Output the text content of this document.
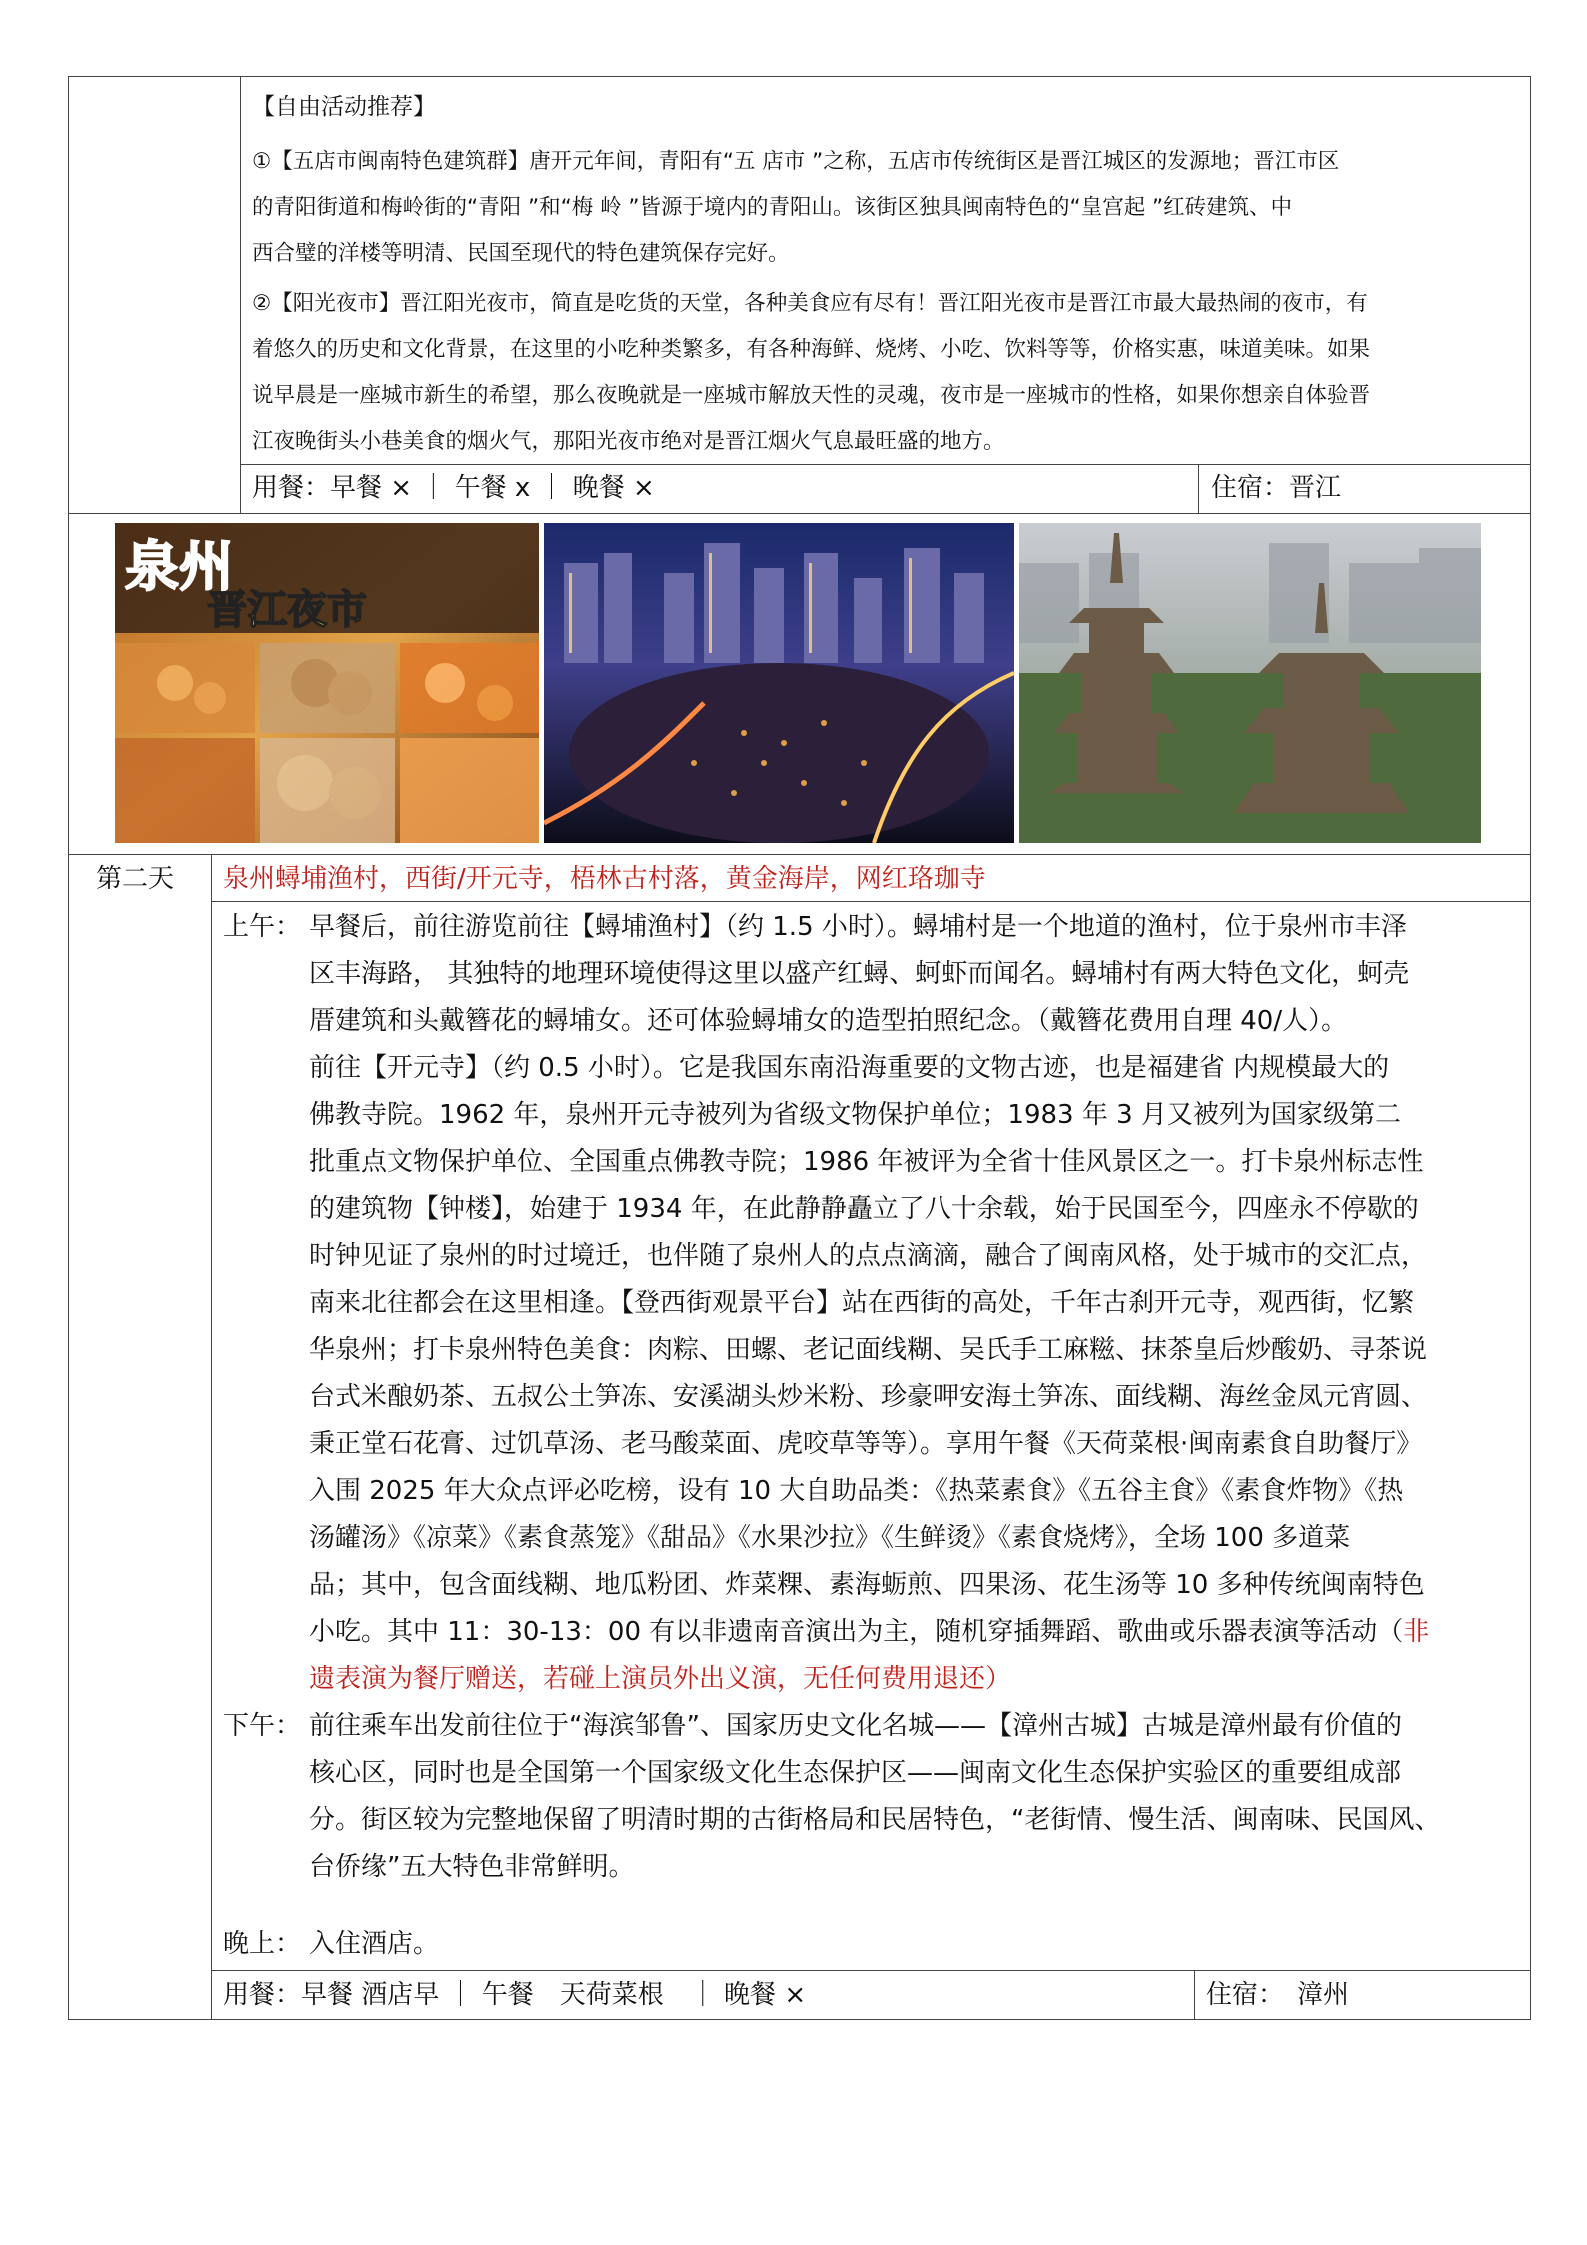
【自由活动推荐】
①【五店市闽南特色建筑群】唐开元年间，青阳有“五 店市 ”之称，五店市传统街区是晋江城区的发源地；晋江市区
的青阳街道和梅岭街的“青阳 ”和“梅 岭 ”皆源于境内的青阳山。该街区独具闽南特色的“皇宫起 ”红砖建筑、中
西合璧的洋楼等明清、民国至现代的特色建筑保存完好。
②【阳光夜市】晋江阳光夜市，简直是吃货的天堂，各种美食应有尽有！晋江阳光夜市是晋江市最大最热闹的夜市，有
着悠久的历史和文化背景，在这里的小吃种类繁多，有各种海鲜、烧烤、小吃、饮料等等，价格实惠，味道美味。如果
说早晨是一座城市新生的希望，那么夜晚就是一座城市解放天性的灵魂，夜市是一座城市的性格，如果你想亲自体验晋
江夜晚街头小巷美食的烟火气，那阳光夜市绝对是晋江烟火气息最旺盛的地方。
用餐：早餐 × ｜ 午餐 x ｜ 晚餐 ×	住宿：晋江
泉州
晋江夜市
第二天 泉州蟳埔渔村，西街/开元寺，梧林古村落，黄金海岸，网红珞珈寺
上午： 早餐后，前往游览前往【蟳埔渔村】（约 1.5 小时）。蟳埔村是一个地道的渔村，位于泉州市丰泽
区丰海路， 其独特的地理环境使得这里以盛产红蟳、蚵虾而闻名。蟳埔村有两大特色文化，蚵壳
厝建筑和头戴簪花的蟳埔女。还可体验蟳埔女的造型拍照纪念。（戴簪花费用自理 40/人）。
前往【开元寺】（约 0.5 小时）。它是我国东南沿海重要的文物古迹，也是福建省 内规模最大的
佛教寺院。1962 年，泉州开元寺被列为省级文物保护单位；1983 年 3 月又被列为国家级第二
批重点文物保护单位、全国重点佛教寺院；1986 年被评为全省十佳风景区之一。打卡泉州标志性
的建筑物【钟楼】，始建于 1934 年，在此静静矗立了八十余载，始于民国至今，四座永不停歇的
时钟见证了泉州的时过境迁，也伴随了泉州人的点点滴滴，融合了闽南风格，处于城市的交汇点，
南来北往都会在这里相逢。【登西街观景平台】站在西街的高处，千年古刹开元寺，观西街，忆繁
华泉州；打卡泉州特色美食：肉粽、田螺、老记面线糊、吴氏手工麻糍、抹茶皇后炒酸奶、寻茶说
台式米酿奶茶、五叔公土笋冻、安溪湖头炒米粉、珍豪呷安海土笋冻、面线糊、海丝金凤元宵圆、
秉正堂石花膏、过饥草汤、老马酸菜面、虎咬草等等）。享用午餐《天荷菜根·闽南素食自助餐厅》
入围 2025 年大众点评必吃榜，设有 10 大自助品类：《热菜素食》《五谷主食》《素食炸物》《热
汤罐汤》《凉菜》《素食蒸笼》《甜品》《水果沙拉》《生鲜烫》《素食烧烤》，全场 100 多道菜
品；其中，包含面线糊、地瓜粉团、炸菜粿、素海蛎煎、四果汤、花生汤等 10 多种传统闽南特色
小吃。其中 11：30-13：00 有以非遗南音演出为主，随机穿插舞蹈、歌曲或乐器表演等活动（非
遗表演为餐厅赠送，若碰上演员外出义演，无任何费用退还）
下午： 前往乘车出发前往位于“海滨邹鲁”、国家历史文化名城——【漳州古城】古城是漳州最有价值的
核心区，同时也是全国第一个国家级文化生态保护区——闽南文化生态保护实验区的重要组成部
分。街区较为完整地保留了明清时期的古街格局和民居特色，“老街情、慢生活、闽南味、民国风、
台侨缘”五大特色非常鲜明。
晚上： 入住酒店。
用餐：早餐 酒店早 ｜ 午餐　天荷菜根　｜ 晚餐 ×	住宿：　漳州
